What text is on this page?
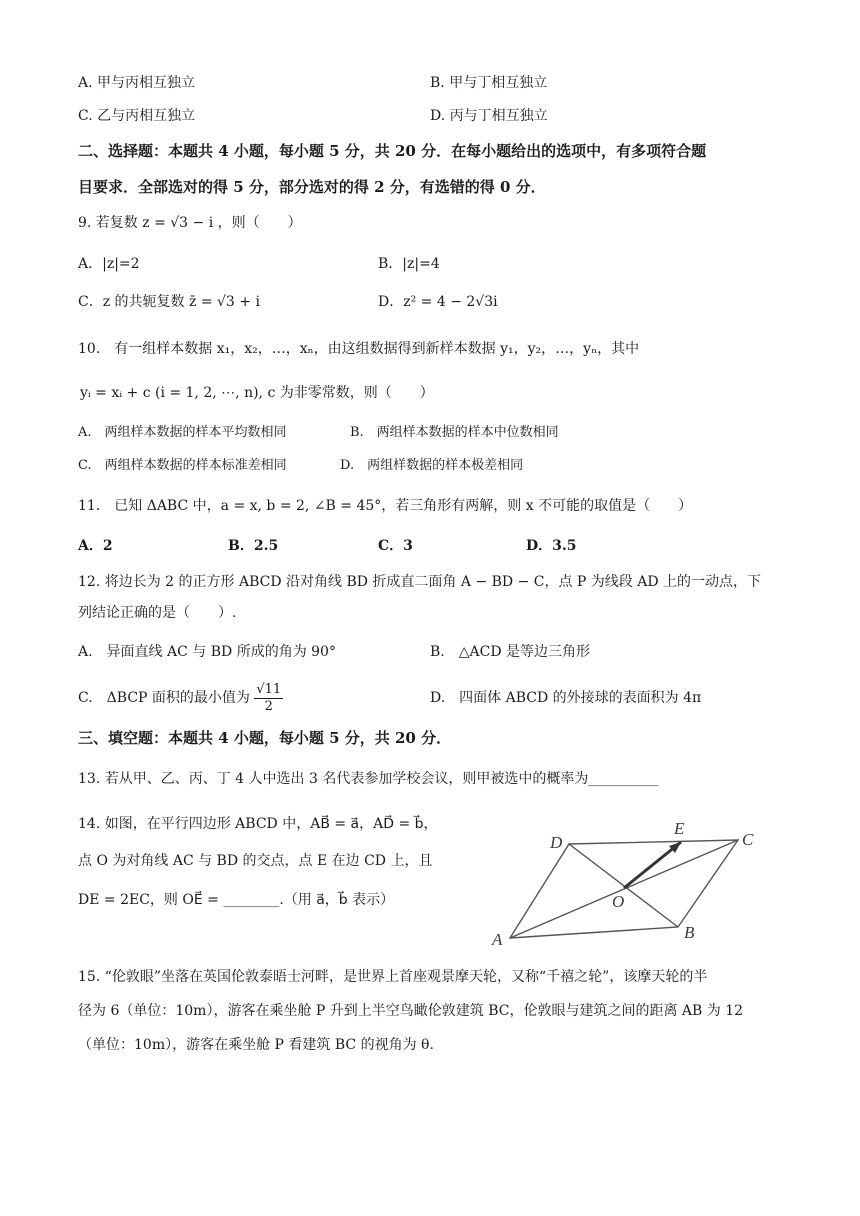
A. 甲与丙相互独立	B. 甲与丁相互独立
C. 乙与丙相互独立	D. 丙与丁相互独立
二、选择题：本题共 4 小题，每小题 5 分，共 20 分．在每小题给出的选项中，有多项符合题
目要求．全部选对的得 5 分，部分选对的得 2 分，有选错的得 0 分．
9. 若复数 z = √3 − i ，则（　　）
A．|z|=2	B．|z|=4
C．z 的共轭复数 z̄ = √3 + i	D．z² = 4 − 2√3i
10.　有一组样本数据 x₁，x₂，…，xₙ，由这组数据得到新样本数据 y₁，y₂，…，yₙ，其中
yᵢ = xᵢ + c (i = 1, 2, ⋯, n), c 为非零常数，则（　　）
A.　两组样本数据的样本平均数相同	B.　两组样本数据的样本中位数相同
C.　两组样本数据的样本标准差相同	D.　两组样数据的样本极差相同
11.　已知 ΔABC 中，a = x, b = 2, ∠B = 45°，若三角形有两解，则 x 不可能的取值是（　　）
A．2	B．2.5	C．3	D．3.5
12. 将边长为 2 的正方形 ABCD 沿对角线 BD 折成直二面角 A − BD − C，点 P 为线段 AD 上的一动点，下
列结论正确的是（　　）.
A.　异面直线 AC 与 BD 所成的角为 90°	B.　△ACD 是等边三角形
C.　ΔBCP 面积的最小值为 $\frac{√11}{2}$	D.　四面体 ABCD 的外接球的表面积为 4π
三、填空题：本题共 4 小题，每小题 5 分，共 20 分．
13. 若从甲、乙、丙、丁 4 人中选出 3 名代表参加学校会议，则甲被选中的概率为__________
14. 如图，在平行四边形 ABCD 中，AB⃗ = a⃗，AD⃗ = b⃗，
点 O 为对角线 AC 与 BD 的交点，点 E 在边 CD 上，且
DE = 2EC，则 OE⃗ = ________.（用 a⃗，b⃗ 表示）
A	B
C
D
E
O
15. “伦敦眼”坐落在英国伦敦泰晤士河畔，是世界上首座观景摩天轮，又称“千禧之轮”，该摩天轮的半
径为 6（单位：10m），游客在乘坐舱 P 升到上半空鸟瞰伦敦建筑 BC，伦敦眼与建筑之间的距离 AB 为 12
（单位：10m），游客在乘坐舱 P 看建筑 BC 的视角为 θ.
